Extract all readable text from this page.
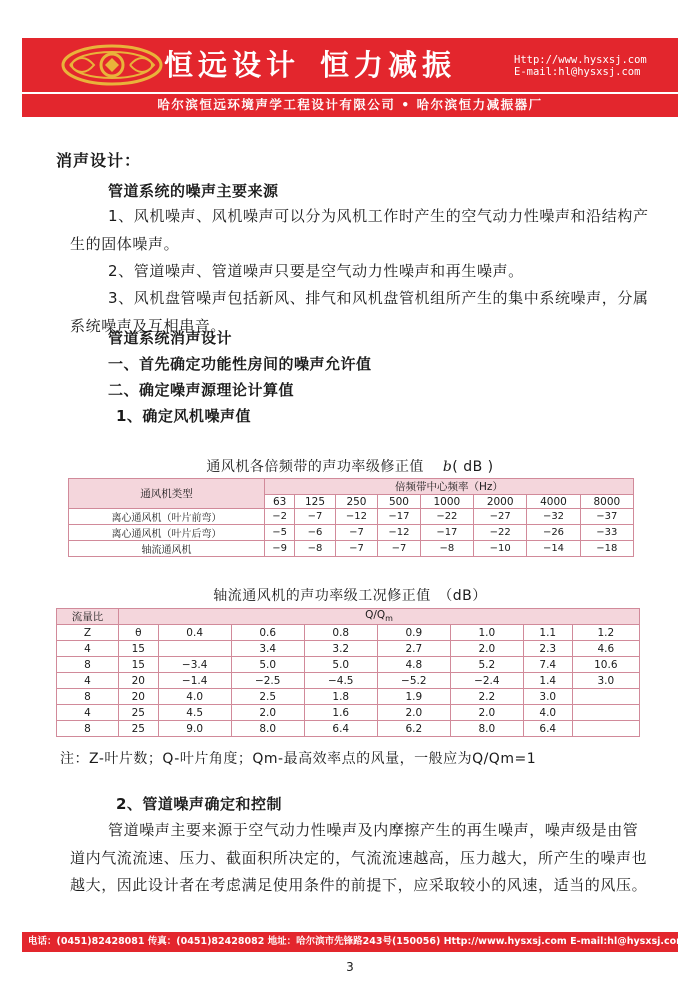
恒远设计 恒力减振	Http://www.hysxsj.com
E-mail:hl@hysxsj.com
哈尔滨恒远环境声学工程设计有限公司 • 哈尔滨恒力减振器厂
消声设计：
管道系统的噪声主要来源
1、风机噪声、风机噪声可以分为风机工作时产生的空气动力性噪声和沿结构产生的固体噪声。
2、管道噪声、管道噪声只要是空气动力性噪声和再生噪声。
3、风机盘管噪声包括新风、排气和风机盘管机组所产生的集中系统噪声，分属系统噪声及互相串音。
管道系统消声设计
一、首先确定功能性房间的噪声允许值
二、确定噪声源理论计算值
1、确定风机噪声值
通风机各倍频带的声功率级修正值 b( dB )
通风机类型	倍频带中心频率（Hz）							
	63	125	250	500	1000	2000	4000	8000
离心通风机（叶片前弯）	−2	−7	−12	−17	−22	−27	−32	−37
离心通风机（叶片后弯）	−5	−6	−7	−12	−17	−22	−26	−33
轴流通风机	−9	−8	−7	−7	−8	−10	−14	−18
轴流通风机的声功率级工况修正值　（dB）
流量比	$Q/Q_m$
Z	θ	0.4	0.6	0.8	0.9	1.0	1.1	1.2
4	15		3.4	3.2	2.7	2.0	2.3	4.6
8	15	−3.4	5.0	5.0	4.8	5.2	7.4	10.6
4	20	−1.4	−2.5	−4.5	−5.2	−2.4	1.4	3.0
8	20	4.0	2.5	1.8	1.9	2.2	3.0	
4	25	4.5	2.0	1.6	2.0	2.0	4.0	
8	25	9.0	8.0	6.4	6.2	8.0	6.4	
注：Z-叶片数；Q-叶片角度；Qm-最高效率点的风量，一般应为Q/Qm=1
2、管道噪声确定和控制
管道噪声主要来源于空气动力性噪声及内摩擦产生的再生噪声，噪声级是由管道内气流流速、压力、截面积所决定的，气流流速越高，压力越大，所产生的噪声也越大，因此设计者在考虑满足使用条件的前提下，应采取较小的风速，适当的风压。
电话：(0451)82428081 传真：(0451)82428082 地址：哈尔滨市先锋路243号(150056) Http://www.hysxsj.com E-mail:hl@hysxsj.com
3
